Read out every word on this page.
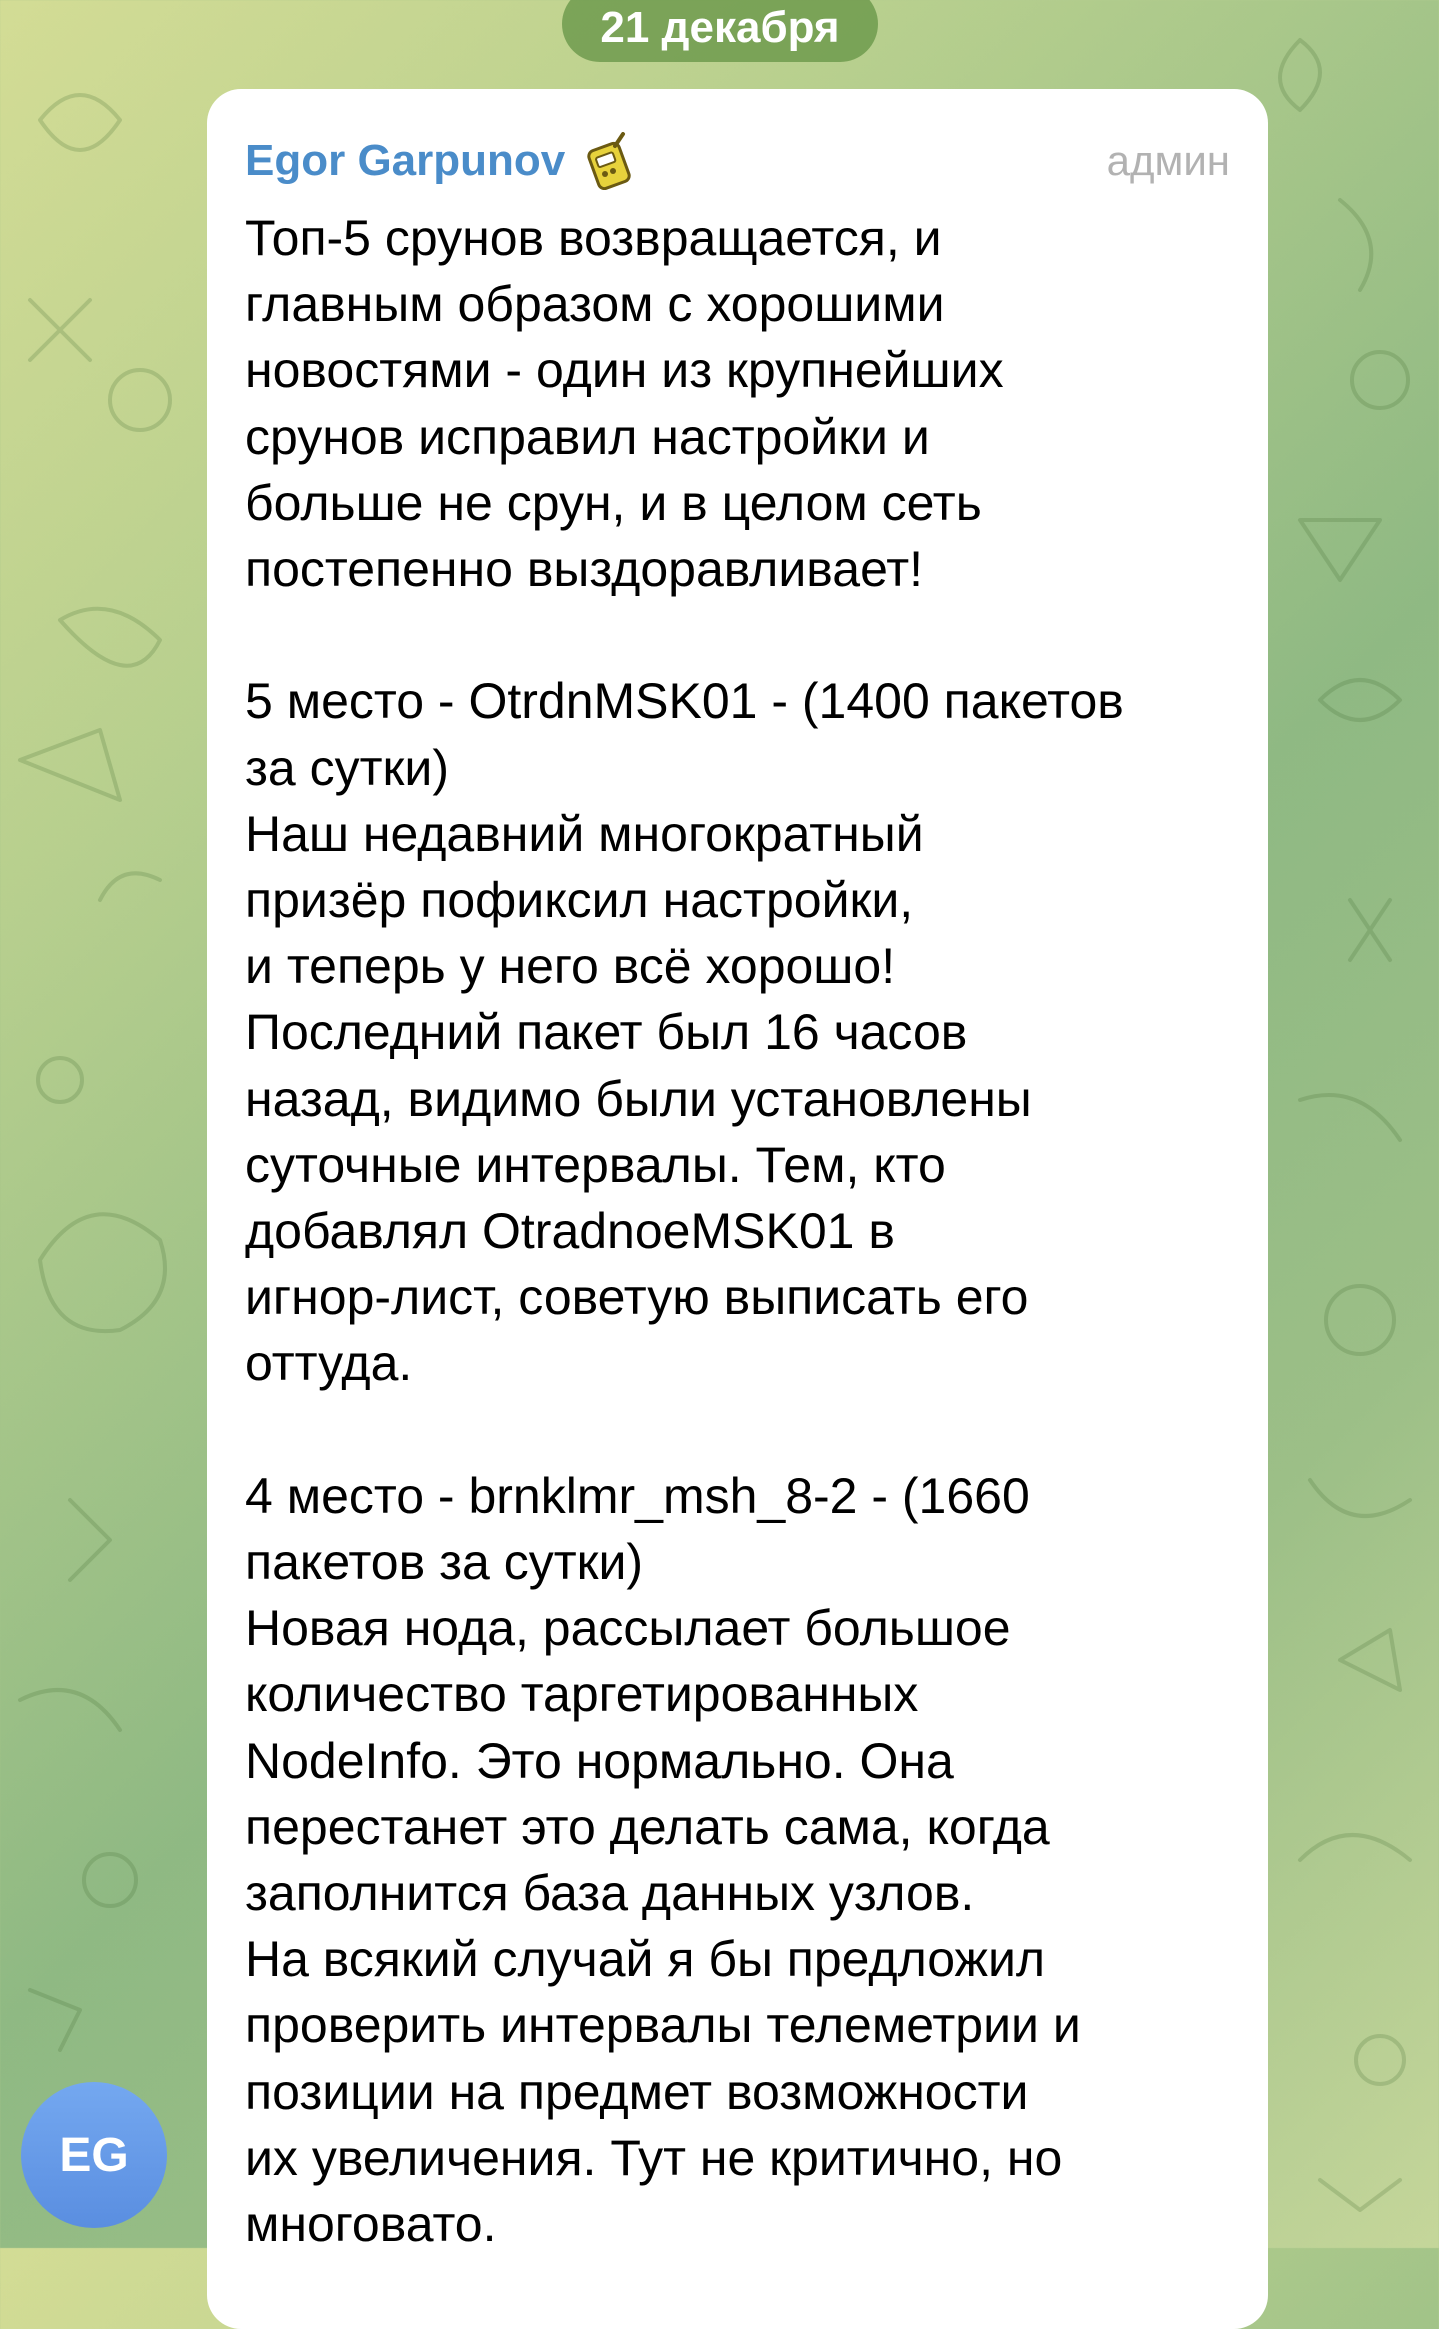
21 декабря
Egor Garpunov	админ
Топ-5 срунов возвращается, и
главным образом с хорошими
новостями - один из крупнейших
срунов исправил настройки и
больше не срун, и в целом сеть
постепенно выздоравливает!
5 место - OtrdnMSK01 - (1400 пакетов
за сутки)
Наш недавний многократный
призёр пофиксил настройки,
и теперь у него всё хорошо!
Последний пакет был 16 часов
назад, видимо были установлены
суточные интервалы. Тем, кто
добавлял OtradnoeMSK01 в
игнор-лист, советую выписать его
оттуда.
4 место - brnklmr_msh_8-2 - (1660
пакетов за сутки)
Новая нода, рассылает большое
количество таргетированных
NodeInfo. Это нормально. Она
перестанет это делать сама, когда
заполнится база данных узлов.
На всякий случай я бы предложил
проверить интервалы телеметрии и
позиции на предмет возможности
их увеличения. Тут не критично, но
многовато.
EG
